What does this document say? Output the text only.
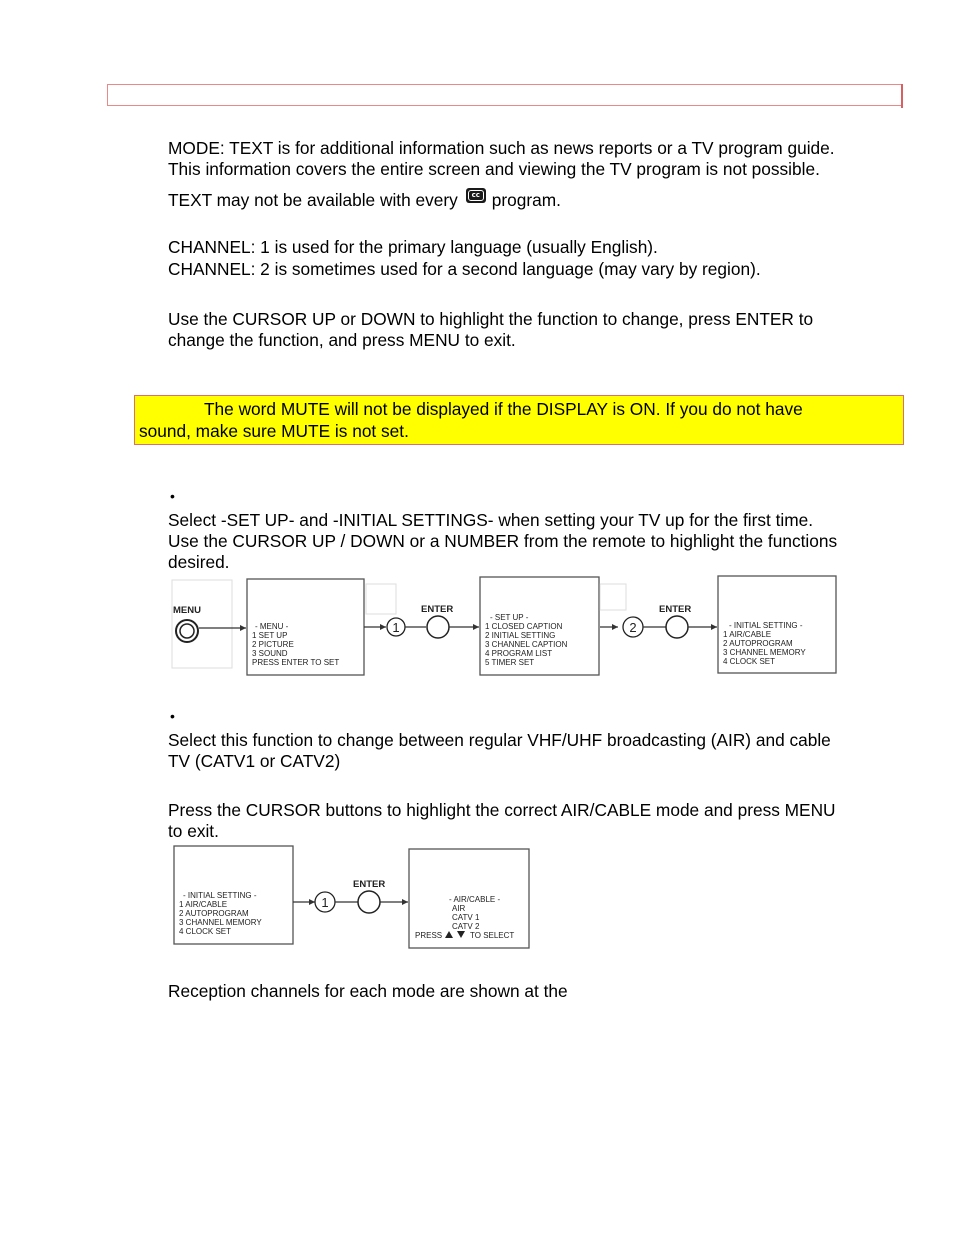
MODE: TEXT is for additional information such as news reports or a TV program guide.
This information covers the entire screen and viewing the TV program is not possible.
TEXT may not be available with every	cc program.
CHANNEL: 1 is used for the primary language (usually English).
CHANNEL: 2 is sometimes used for a second language (may vary by region).
Use the CURSOR UP or DOWN to highlight the function to change, press ENTER to
change the function, and press MENU to exit.
The word MUTE will not be displayed if the DISPLAY is ON. If you do not have
sound, make sure MUTE is not set.
•
Select -SET UP- and -INITIAL SETTINGS- when setting your TV up for the first time.
Use the CURSOR UP / DOWN or a NUMBER from the remote to highlight the functions
desired.
MENU
- MENU -
1 SET UP
2 PICTURE
3 SOUND
PRESS ENTER TO SET
1
ENTER
- SET UP -
1 CLOSED CAPTION
2 INITIAL SETTING
3 CHANNEL CAPTION
4 PROGRAM LIST
5 TIMER SET
2
ENTER
- INITIAL SETTING -
1 AIR/CABLE
2 AUTOPROGRAM
3 CHANNEL MEMORY
4 CLOCK SET
•
Select this function to change between regular VHF/UHF broadcasting (AIR) and cable
TV (CATV1 or CATV2)
Press the CURSOR buttons to highlight the correct AIR/CABLE mode and press MENU
to exit.
- INITIAL SETTING -
1 AIR/CABLE
2 AUTOPROGRAM
3 CHANNEL MEMORY
4 CLOCK SET
1
ENTER
- AIR/CABLE -
AIR
CATV 1
CATV 2
PRESS	TO SELECT
Reception channels for each mode are shown at the
